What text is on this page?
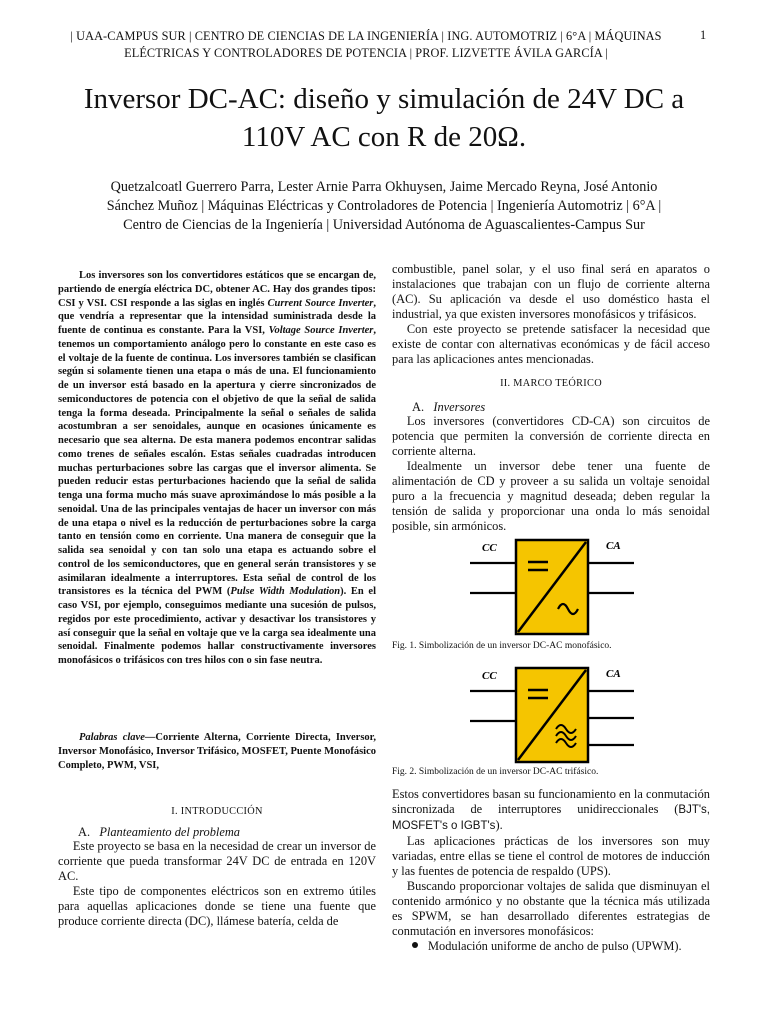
| UAA-CAMPUS SUR | CENTRO DE CIENCIAS DE LA INGENIERÍA | ING. AUTOMOTRIZ | 6°A | MÁQUINAS ELÉCTRICAS Y CONTROLADORES DE POTENCIA | PROF. LIZVETTE ÁVILA GARCÍA |
1
Inversor DC-AC: diseño y simulación de 24V DC a 110V AC con R de 20Ω.
Quetzalcoatl Guerrero Parra, Lester Arnie Parra Okhuysen, Jaime Mercado Reyna, José Antonio
Sánchez Muñoz | Máquinas Eléctricas y Controladores de Potencia | Ingeniería Automotriz | 6°A |
Centro de Ciencias de la Ingeniería | Universidad Autónoma de Aguascalientes-Campus Sur

Los inversores son los convertidores estáticos que se encargan de, partiendo de energía eléctrica DC, obtener AC. Hay dos grandes tipos: CSI y VSI. CSI responde a las siglas en inglés Current Source Inverter, que vendría a representar que la intensidad suministrada desde la fuente de continua es constante. Para la VSI, Voltage Source Inverter, tenemos un comportamiento análogo pero lo constante en este caso es el voltaje de la fuente de continua. Los inversores también se clasifican según si solamente tienen una etapa o más de una. El funcionamiento de un inversor está basado en la apertura y cierre sincronizados de semiconductores de potencia con el objetivo de que la señal de salida tenga la forma deseada. Principalmente la señal o señales de salida acostumbran a ser senoidales, aunque en ocasiones únicamente es necesario que sea alterna. De esta manera podemos encontrar salidas como trenes de señales escalón. Estas señales cuadradas introducen muchas perturbaciones sobre las cargas que el inversor alimenta. Se pueden reducir estas perturbaciones haciendo que la señal de salida tenga una forma mucho más suave aproximándose lo más posible a la senoidal. Una de las principales ventajas de hacer un inversor con más de una etapa o nivel es la reducción de perturbaciones sobre la carga tanto en tensión como en corriente. Una manera de conseguir que la salida sea senoidal y con tan solo una etapa es actuando sobre el control de los semiconductores, que en general serán transistores y se asimilaran idealmente a interruptores. Esta señal de control de los transistores es la técnica del PWM (Pulse Width Modulation). En el caso VSI, por ejemplo, conseguimos mediante una sucesión de pulsos, regidos por este procedimiento, activar y desactivar los transistores y así conseguir que la señal en voltaje que ve la carga sea idealmente una senoidal. Finalmente podemos hallar constructivamente inversores monofásicos o trifásicos con tres hilos con o sin fase neutra.

Palabras clave—Corriente Alterna, Corriente Directa, Inversor, Inversor Monofásico, Inversor Trifásico, MOSFET, Puente Monofásico Completo, PWM, VSI,

I. INTRODUCCIÓN
A. Planteamiento del problema

Este proyecto se basa en la necesidad de crear un inversor de corriente que pueda transformar 24V DC de entrada en 120V AC.

Este tipo de componentes eléctricos son en extremo útiles para aquellas aplicaciones donde se tiene una fuente que produce corriente directa (DC), llámese batería, celda de

combustible, panel solar, y el uso final será en aparatos o instalaciones que trabajan con un flujo de corriente alterna (AC). Su aplicación va desde el uso doméstico hasta el industrial, ya que existen inversores monofásicos y trifásicos.

Con este proyecto se pretende satisfacer la necesidad que existe de contar con alternativas económicas y de fácil acceso para las aplicaciones antes mencionadas.

II. MARCO TEÓRICO
A. Inversores

Los inversores (convertidores CD-CA) son circuitos de potencia que permiten la conversión de corriente directa en corriente alterna.

Idealmente un inversor debe tener una fuente de alimentación de CD y proveer a su salida un voltaje senoidal puro a la frecuencia y magnitud deseada; deben regular la tensión de salida y proporcionar una onda lo más senoidal posible, sin armónicos.

CC	CA
Fig. 1. Simbolización de un inversor DC-AC monofásico.
CC	CA
Fig. 2. Simbolización de un inversor DC-AC trifásico.

Estos convertidores basan su funcionamiento en la conmutación sincronizada de interruptores unidireccionales (BJT's, MOSFET's o IGBT's).

Las aplicaciones prácticas de los inversores son muy variadas, entre ellas se tiene el control de motores de inducción y las fuentes de potencia de respaldo (UPS).

Buscando proporcionar voltajes de salida que disminuyan el contenido armónico y no obstante que la técnica más utilizada es SPWM, se han desarrollado diferentes estrategias de conmutación en inversores monofásicos:

Modulación uniforme de ancho de pulso (UPWM).
